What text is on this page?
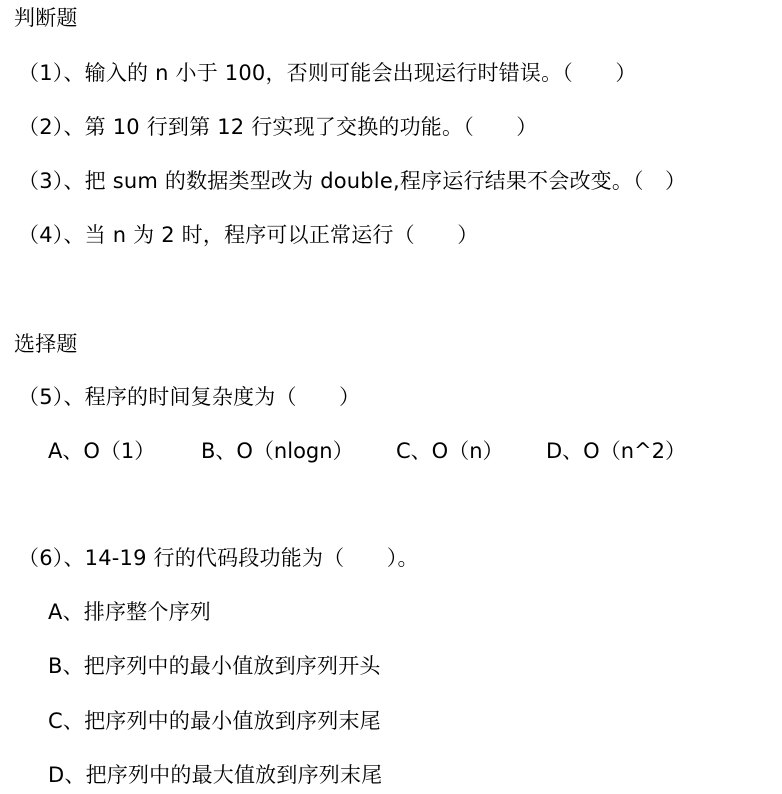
判断题
（1）、输入的 n 小于 100，否则可能会出现运行时错误。（　　）
（2）、第 10 行到第 12 行实现了交换的功能。（　　）
（3）、把 sum 的数据类型改为 double,程序运行结果不会改变。（　）
（4）、当 n 为 2 时，程序可以正常运行（　　）
选择题
（5）、程序的时间复杂度为（　　）
A、O（1） B、O（nlogn） C、O（n） D、O（n^2）
（6）、14-19 行的代码段功能为（　　）。
A、排序整个序列
B、把序列中的最小值放到序列开头
C、把序列中的最小值放到序列末尾
D、把序列中的最大值放到序列末尾
